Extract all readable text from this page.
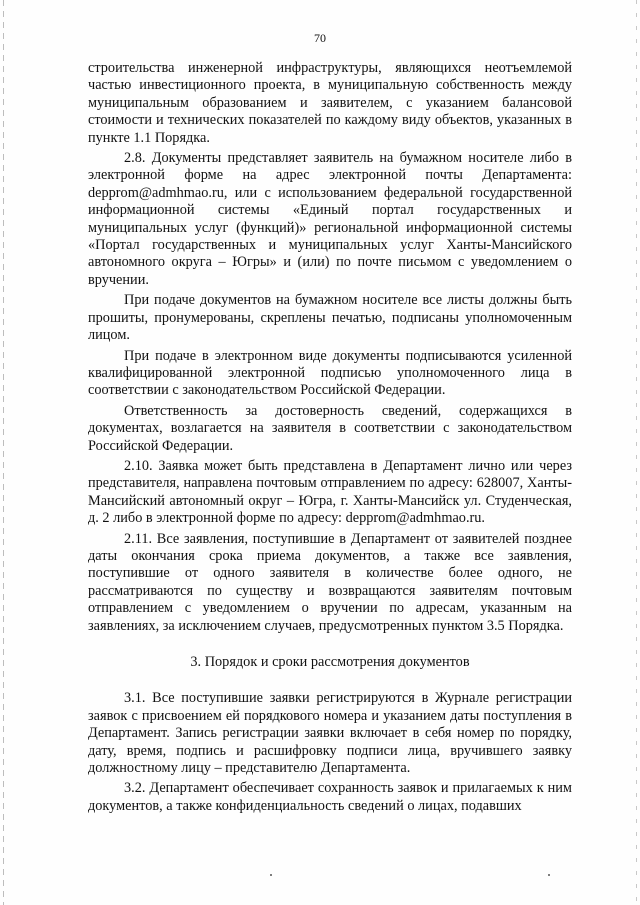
70

строительства инженерной инфраструктуры, являющихся неотъемлемой частью инвестиционного проекта, в муниципальную собственность между муниципальным образованием и заявителем, с указанием балансовой стоимости и технических показателей по каждому виду объектов, указанных в пункте 1.1 Порядка.

2.8. Документы представляет заявитель на бумажном носителе либо в электронной форме на адрес электронной почты Департамента: depprom@admhmao.ru, или с использованием федеральной государственной информационной системы «Единый портал государственных и муниципальных услуг (функций)» региональной информационной системы «Портал государственных и муниципальных услуг Ханты-Мансийского автономного округа – Югры» и (или) по почте письмом с уведомлением о вручении.

При подаче документов на бумажном носителе все листы должны быть прошиты, пронумерованы, скреплены печатью, подписаны уполномоченным лицом.

При подаче в электронном виде документы подписываются усиленной квалифицированной электронной подписью уполномоченного лица в соответствии с законодательством Российской Федерации.

Ответственность за достоверность сведений, содержащихся в документах, возлагается на заявителя в соответствии с законодательством Российской Федерации.

2.10. Заявка может быть представлена в Департамент лично или через представителя, направлена почтовым отправлением по адресу: 628007, Ханты-Мансийский автономный округ – Югра, г. Ханты-Мансийск ул. Студенческая, д. 2 либо в электронной форме по адресу: depprom@admhmao.ru.

2.11. Все заявления, поступившие в Департамент от заявителей позднее даты окончания срока приема документов, а также все заявления, поступившие от одного заявителя в количестве более одного, не рассматриваются по существу и возвращаются заявителям почтовым отправлением с уведомлением о вручении по адресам, указанным на заявлениях, за исключением случаев, предусмотренных пунктом 3.5 Порядка.

3. Порядок и сроки рассмотрения документов

3.1. Все поступившие заявки регистрируются в Журнале регистрации заявок с присвоением ей порядкового номера и указанием даты поступления в Департамент. Запись регистрации заявки включает в себя номер по порядку, дату, время, подпись и расшифровку подписи лица, вручившего заявку должностному лицу – представителю Департамента.

3.2. Департамент обеспечивает сохранность заявок и прилагаемых к ним документов, а также конфиденциальность сведений о лицах, подавших
